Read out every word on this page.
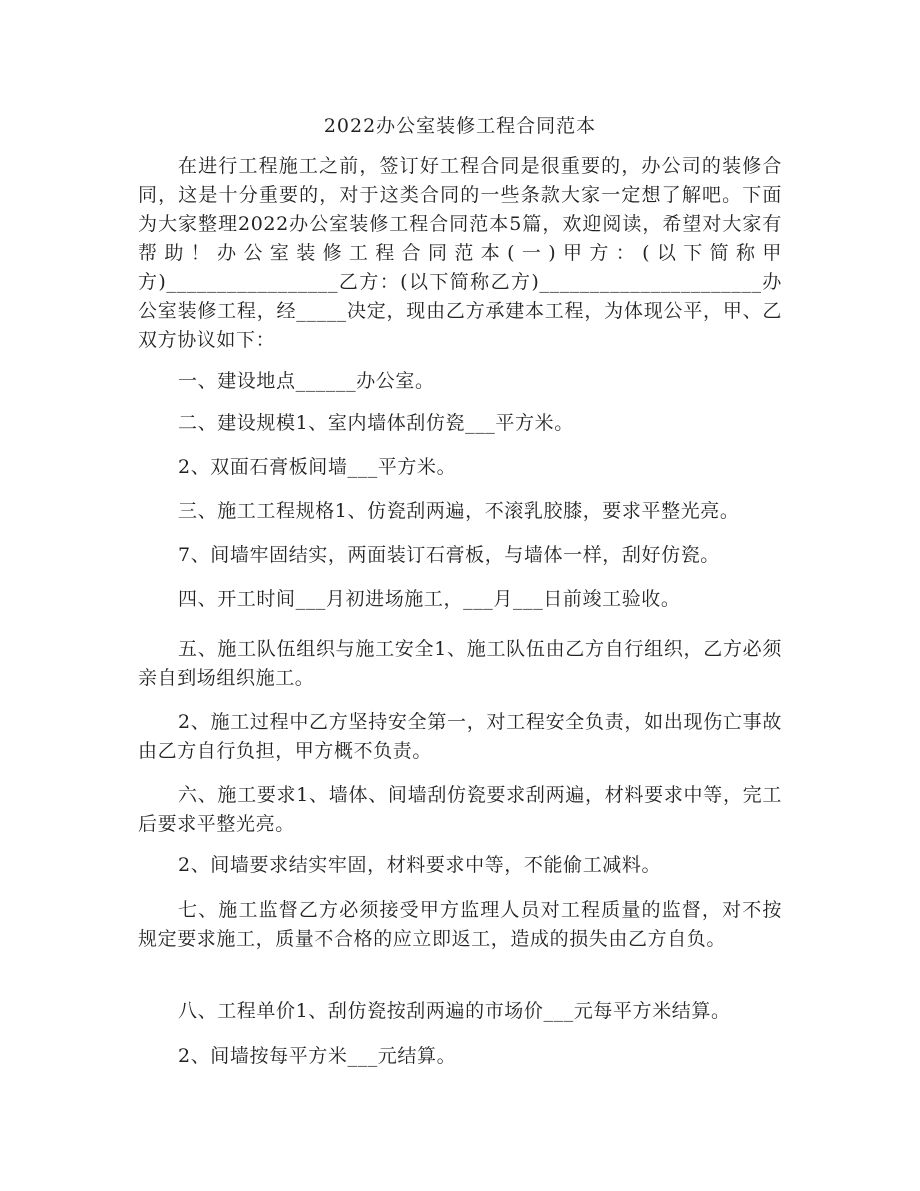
2022办公室装修工程合同范本

在进行工程施工之前，签订好工程合同是很重要的，办公司的装修合同，这是十分重要的，对于这类合同的一些条款大家一定想了解吧。下面为大家整理2022办公室装修工程合同范本5篇，欢迎阅读，希望对大家有帮助！办公室装修工程合同范本(一)甲方：(以下简称甲方)_________________乙方：(以下简称乙方)______________________办公室装修工程，经_____决定，现由乙方承建本工程，为体现公平，甲、乙双方协议如下：

一、建设地点______办公室。

二、建设规模1、室内墙体刮仿瓷___平方米。

2、双面石膏板间墙___平方米。

三、施工工程规格1、仿瓷刮两遍，不滚乳胶膝，要求平整光亮。

7、间墙牢固结实，两面装订石膏板，与墙体一样，刮好仿瓷。

四、开工时间___月初进场施工，___月___日前竣工验收。

五、施工队伍组织与施工安全1、施工队伍由乙方自行组织，乙方必须亲自到场组织施工。

2、施工过程中乙方坚持安全第一，对工程安全负责，如出现伤亡事故由乙方自行负担，甲方概不负责。

六、施工要求1、墙体、间墙刮仿瓷要求刮两遍，材料要求中等，完工后要求平整光亮。

2、间墙要求结实牢固，材料要求中等，不能偷工减料。

七、施工监督乙方必须接受甲方监理人员对工程质量的监督，对不按规定要求施工，质量不合格的应立即返工，造成的损失由乙方自负。

八、工程单价1、刮仿瓷按刮两遍的市场价___元每平方米结算。

2、间墙按每平方米___元结算。
